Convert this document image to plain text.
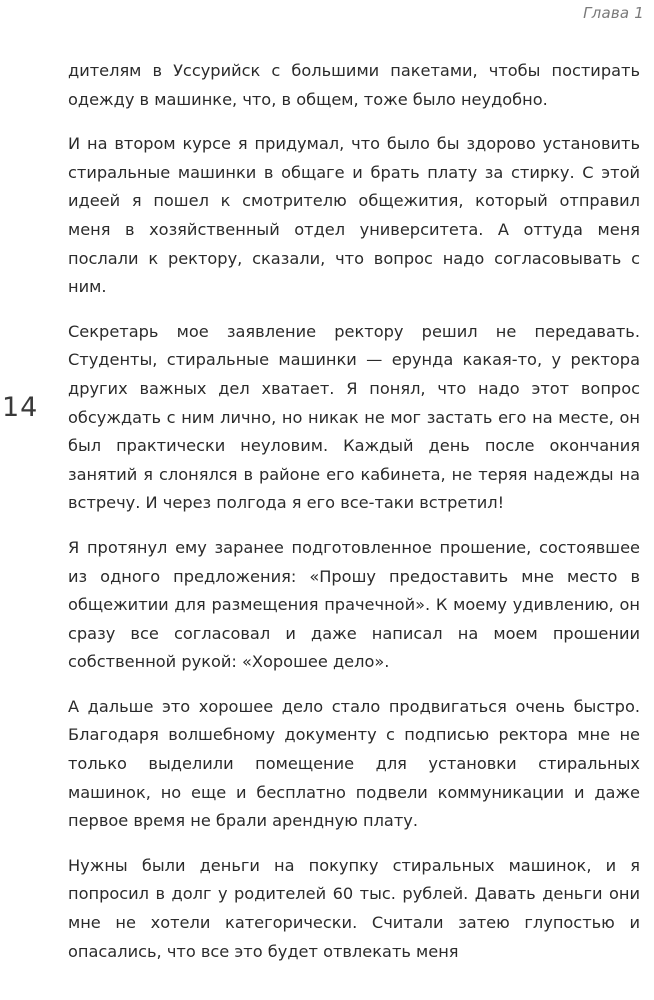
Глава 1
14

дителям в Уссурийск с большими пакетами, чтобы постирать одежду в машинке, что, в общем, тоже было неудобно.

И на втором курсе я придумал, что было бы здорово установить стиральные машинки в общаге и брать плату за стирку. С этой идеей я пошел к смотрителю общежития, который отправил меня в хозяйственный отдел университета. А оттуда меня послали к ректору, сказали, что вопрос надо согласовывать с ним.

Секретарь мое заявление ректору решил не передавать. Студенты, стиральные машинки — ерунда какая-то, у ректора других важных дел хватает. Я понял, что надо этот вопрос обсуждать с ним лично, но никак не мог застать его на месте, он был практически неуловим. Каждый день после окончания занятий я слонялся в районе его кабинета, не теряя надежды на встречу. И через полгода я его все-таки встретил!

Я протянул ему заранее подготовленное прошение, состоявшее из одного предложения: «Прошу предоставить мне место в общежитии для размещения прачечной». К моему удивлению, он сразу все согласовал и даже написал на моем прошении собственной рукой: «Хорошее дело».

А дальше это хорошее дело стало продвигаться очень быстро. Благодаря волшебному документу с подписью ректора мне не только выделили помещение для установки стиральных машинок, но еще и бесплатно подвели коммуникации и даже первое время не брали арендную плату.

Нужны были деньги на покупку стиральных машинок, и я попросил в долг у родителей 60 тыс. рублей. Давать деньги они мне не хотели категорически. Считали затею глупостью и опасались, что все это будет отвлекать меня
